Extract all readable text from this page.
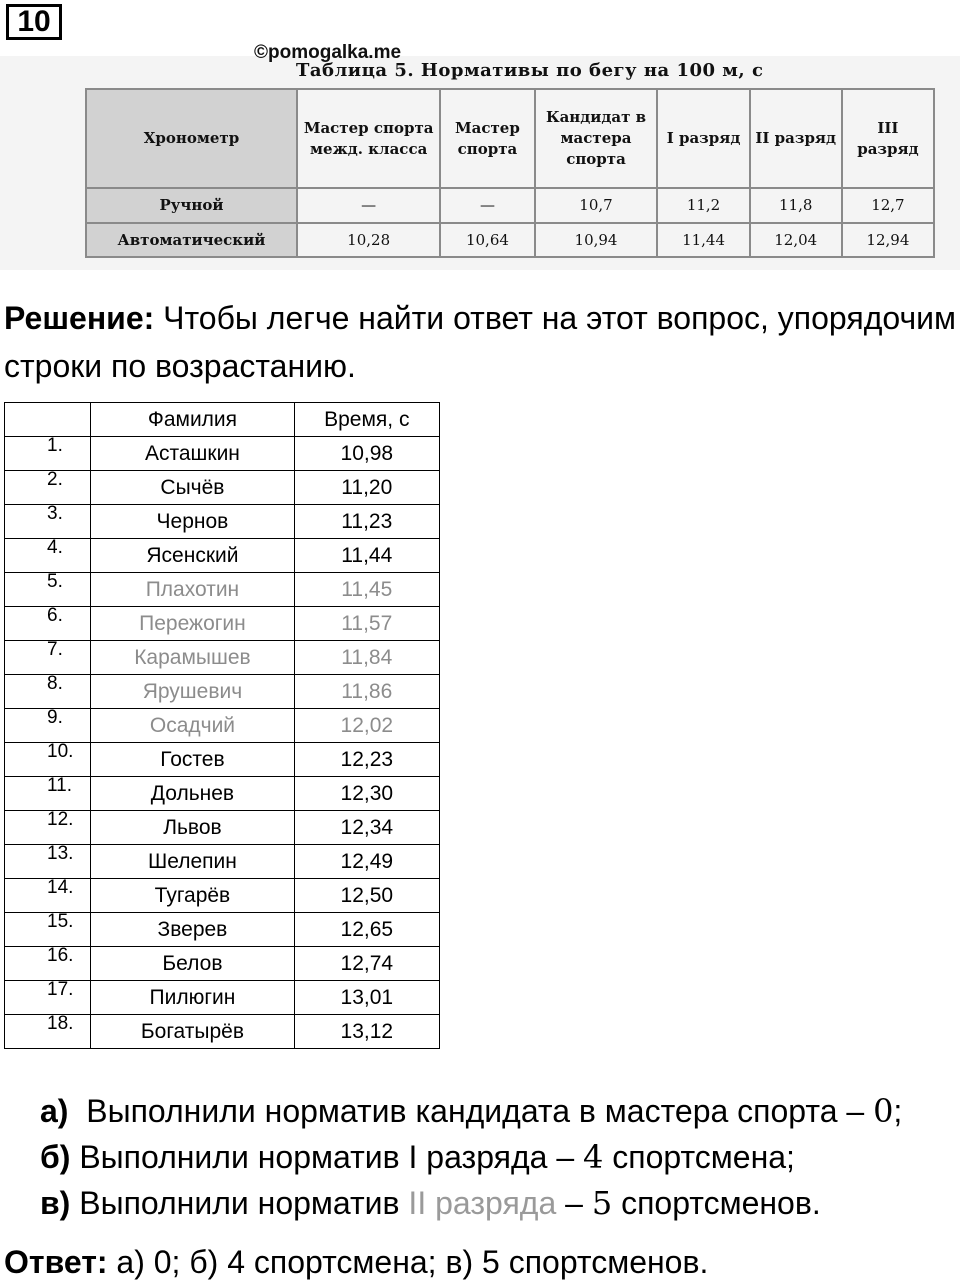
10
©pomogalka.me
Таблица 5. Нормативы по бегу на 100 м, с
Хронометр	Мастер спорта межд. класса	Мастер спорта	Кандидат в мастера спорта	I разряд	II разряд	III разряд
Ручной	—	—	10,7	11,2	11,8	12,7
Автоматический	10,28	10,64	10,94	11,44	12,04	12,94
Решение: Чтобы легче найти ответ на этот вопрос, упорядочим строки по возрастанию.
	Фамилия	Время, с

1.	Асташкин	10,98

2.	Сычёв	11,20

3.	Чернов	11,23

4.	Ясенский	11,44

5.	Плахотин	11,45

6.	Пережогин	11,57

7.	Карамышев	11,84

8.	Ярушевич	11,86

9.	Осадчий	12,02

10.	Гостев	12,23

11.	Дольнев	12,30

12.	Львов	12,34

13.	Шелепин	12,49

14.	Тугарёв	12,50

15.	Зверев	12,65

16.	Белов	12,74

17.	Пилюгин	13,01

18.	Богатырёв	13,12
а) Выполнили норматив кандидата в мастера спорта – 0;
б) Выполнили норматив I разряда – 4 спортсмена;
в) Выполнили норматив II разряда – 5 спортсменов.
Ответ: а) 0; б) 4 спортсмена; в) 5 спортсменов.
